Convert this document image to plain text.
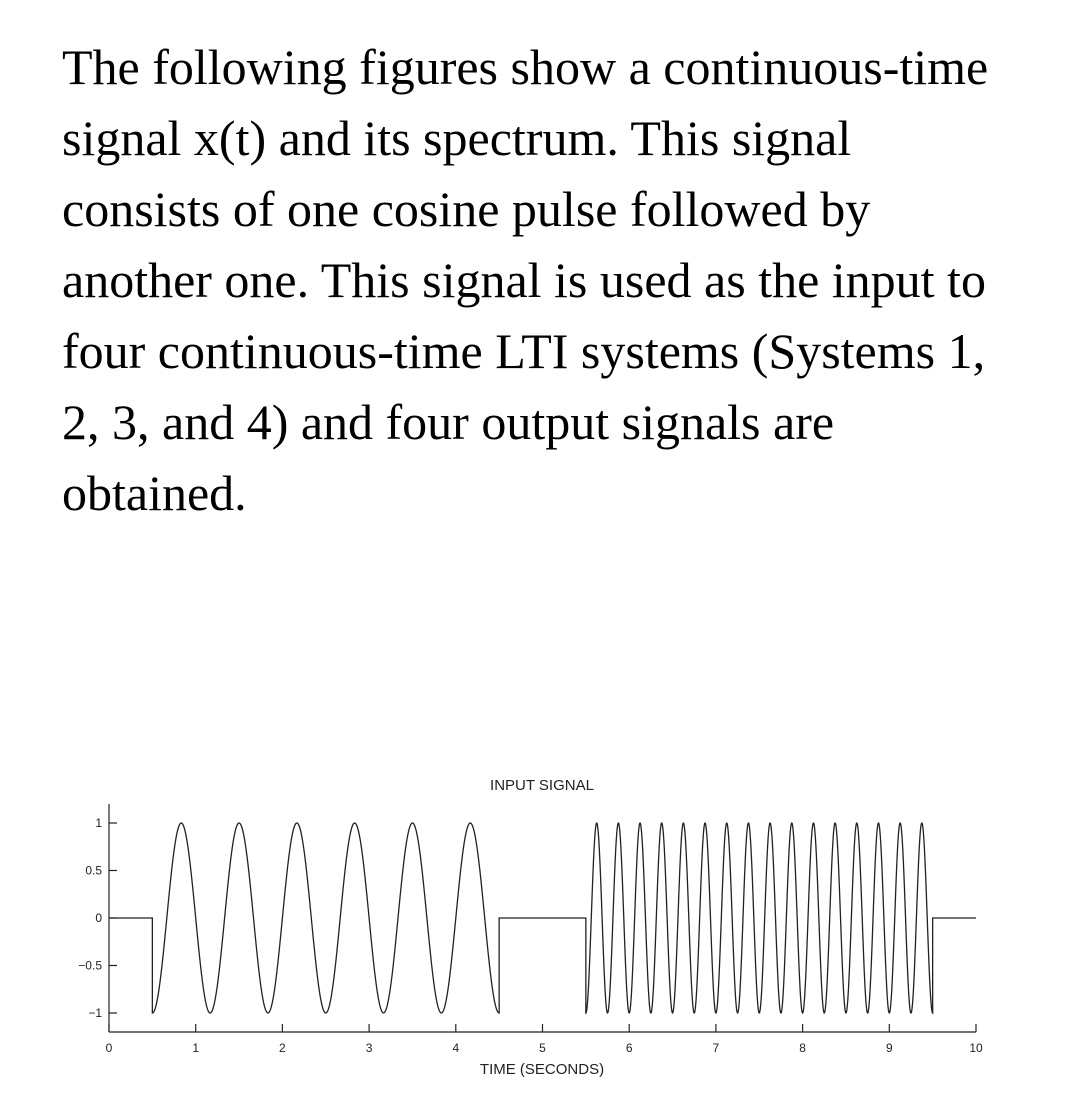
The following figures show a continuous-time signal x(t) and its spectrum. This signal consists of one cosine pulse followed by another one. This signal is used as the input to four continuous-time LTI systems (Systems 1, 2, 3, and 4) and four output signals are obtained.

INPUT SIGNAL
1
0.5
0
−0.5
−1
0	1	2	3	4	5	6	7	8	9	10
TIME (SECONDS)
